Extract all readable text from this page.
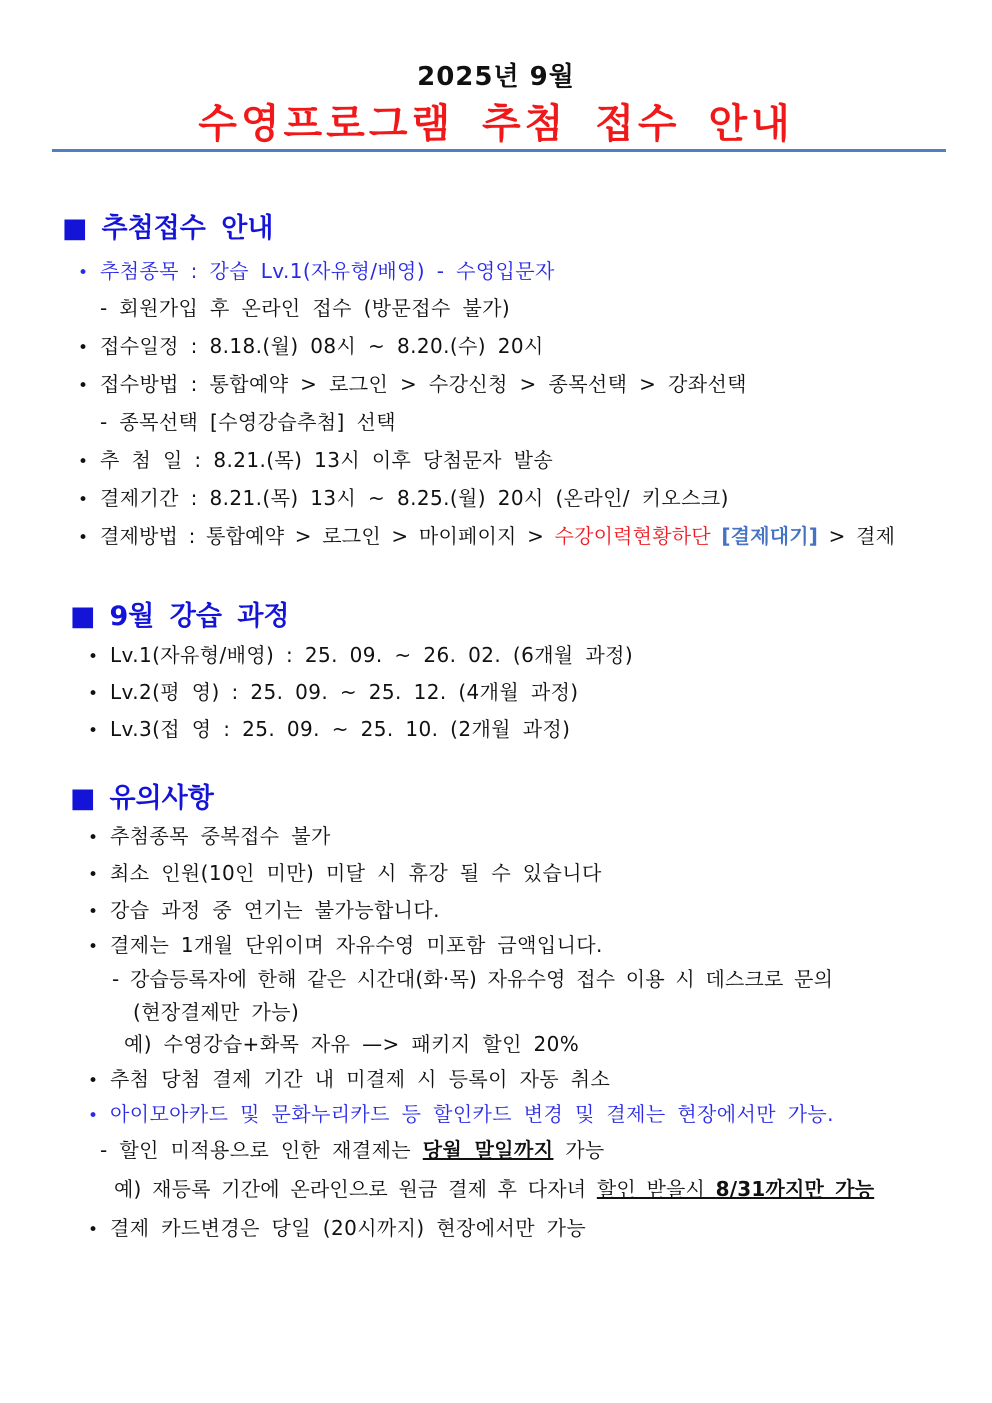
2025년 9월
수영프로그램 추첨 접수 안내
■ 추첨접수 안내
• 추첨종목 : 강습 Lv.1(자유형/배영) - 수영입문자
- 회원가입 후 온라인 접수 (방문접수 불가)
• 접수일정 : 8.18.(월) 08시 ~ 8.20.(수) 20시
• 접수방법 : 통합예약 > 로그인 > 수강신청 > 종목선택 > 강좌선택
- 종목선택 [수영강습추첨] 선택
• 추 첨 일 : 8.21.(목) 13시 이후 당첨문자 발송
• 결제기간 : 8.21.(목) 13시 ~ 8.25.(월) 20시 (온라인/ 키오스크)
• 결제방법 : 통합예약 > 로그인 > 마이페이지 > 수강이력현황하단 [결제대기] > 결제
■ 9월 강습 과정
• Lv.1(자유형/배영) : 25. 09. ~ 26. 02. (6개월 과정)
• Lv.2(평 영) : 25. 09. ~ 25. 12. (4개월 과정)
• Lv.3(접 영 : 25. 09. ~ 25. 10. (2개월 과정)
■ 유의사항
• 추첨종목 중복접수 불가
• 최소 인원(10인 미만) 미달 시 휴강 될 수 있습니다
• 강습 과정 중 연기는 불가능합니다.
• 결제는 1개월 단위이며 자유수영 미포함 금액입니다.
- 강습등록자에 한해 같은 시간대(화·목) 자유수영 접수 이용 시 데스크로 문의
(현장결제만 가능)
예) 수영강습+화목 자유 —> 패키지 할인 20%
• 추첨 당첨 결제 기간 내 미결제 시 등록이 자동 취소
• 아이모아카드 및 문화누리카드 등 할인카드 변경 및 결제는 현장에서만 가능.
- 할인 미적용으로 인한 재결제는 당월 말일까지 가능
예) 재등록 기간에 온라인으로 원금 결제 후 다자녀 할인 받을시 8/31까지만 가능
• 결제 카드변경은 당일 (20시까지) 현장에서만 가능
